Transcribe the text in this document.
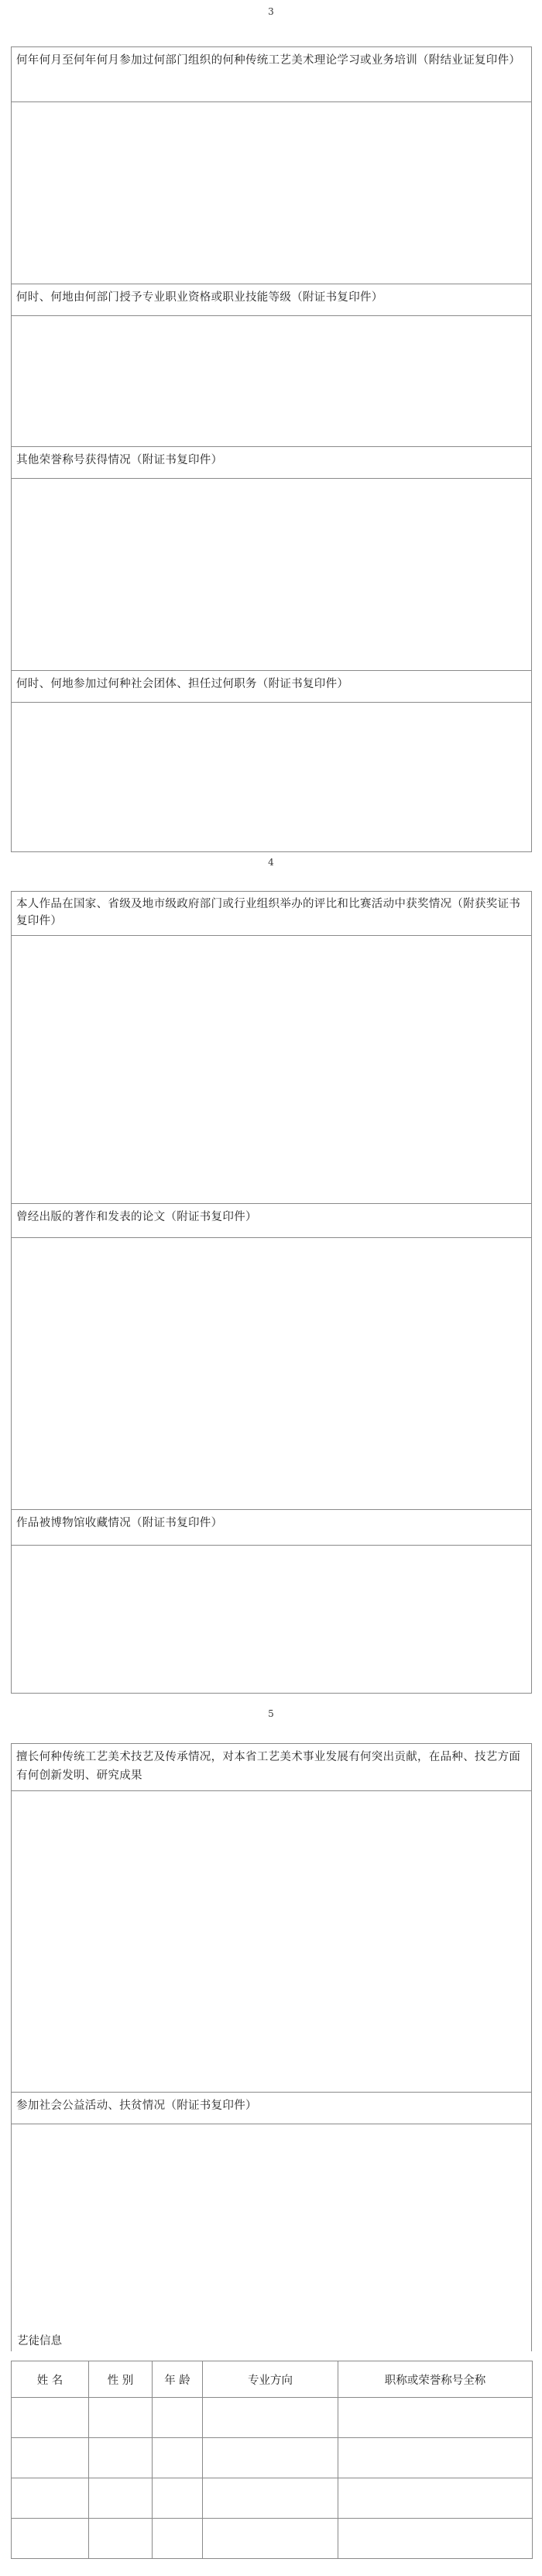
3
何年何月至何年何月参加过何部门组织的何种传统工艺美术理论学习或业务培训（附结业证复印件）
何时、何地由何部门授予专业职业资格或职业技能等级（附证书复印件）
其他荣誉称号获得情况（附证书复印件）
何时、何地参加过何种社会团体、担任过何职务（附证书复印件）
4
本人作品在国家、省级及地市级政府部门或行业组织举办的评比和比赛活动中获奖情况（附获奖证书复印件）
曾经出版的著作和发表的论文（附证书复印件）
作品被博物馆收藏情况（附证书复印件）
5
擅长何种传统工艺美术技艺及传承情况，对本省工艺美术事业发展有何突出贡献，在品种、技艺方面有何创新发明、研究成果
参加社会公益活动、扶贫情况（附证书复印件）
艺徒信息
姓 名	性 别	年 龄	专业方向	职称或荣誉称号全称
